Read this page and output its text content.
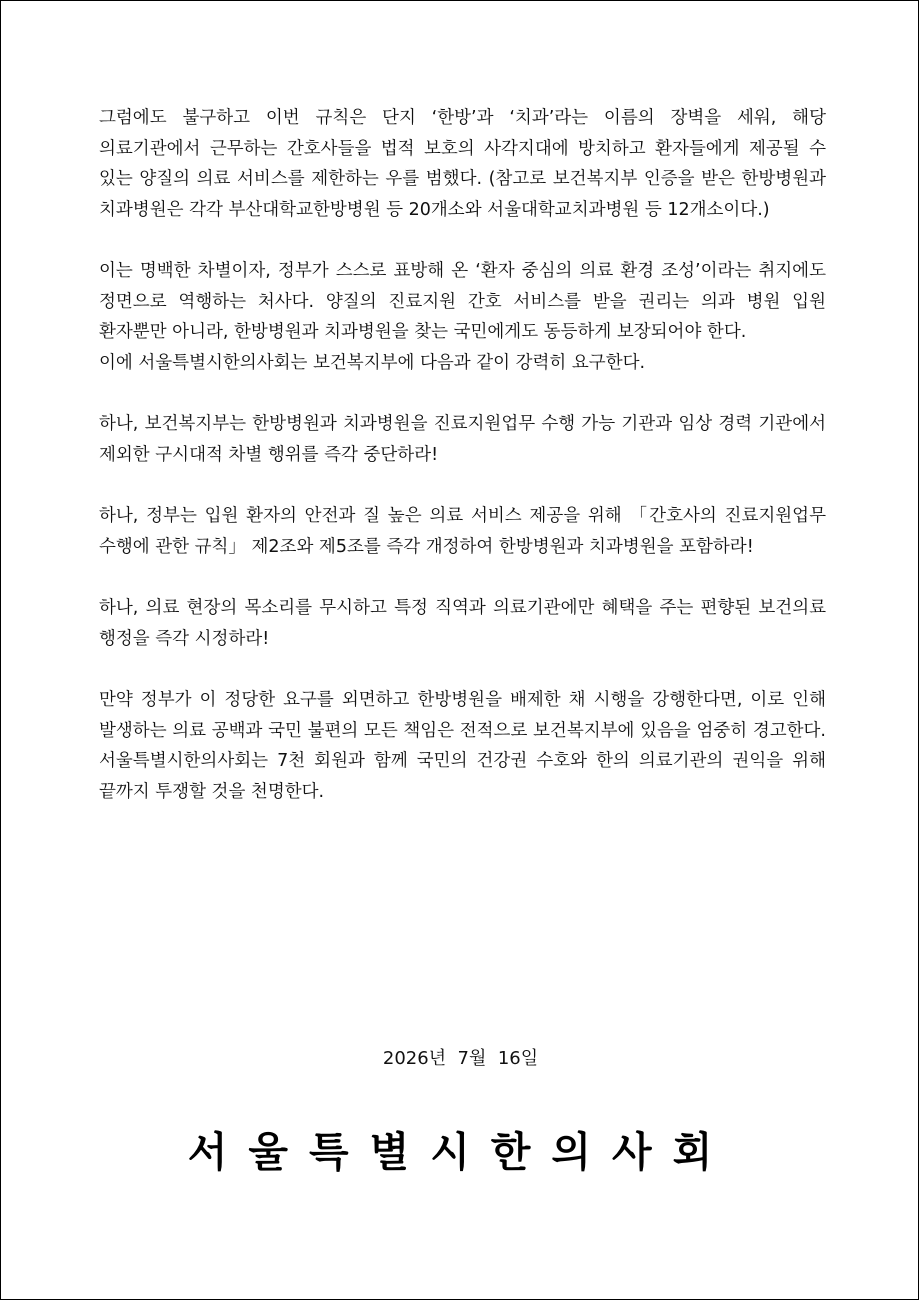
그럼에도 불구하고 이번 규칙은 단지 ‘한방’과 ‘치과’라는 이름의 장벽을 세워, 해당 의료기관에서 근무하는 간호사들을 법적 보호의 사각지대에 방치하고 환자들에게 제공될 수 있는 양질의 의료 서비스를 제한하는 우를 범했다. (참고로 보건복지부 인증을 받은 한방병원과 치과병원은 각각 부산대학교한방병원 등 20개소와 서울대학교치과병원 등 12개소이다.)

이는 명백한 차별이자, 정부가 스스로 표방해 온 ‘환자 중심의 의료 환경 조성’이라는 취지에도 정면으로 역행하는 처사다. 양질의 진료지원 간호 서비스를 받을 권리는 의과 병원 입원 환자뿐만 아니라, 한방병원과 치과병원을 찾는 국민에게도 동등하게 보장되어야 한다.

이에 서울특별시한의사회는 보건복지부에 다음과 같이 강력히 요구한다.

하나, 보건복지부는 한방병원과 치과병원을 진료지원업무 수행 가능 기관과 임상 경력 기관에서 제외한 구시대적 차별 행위를 즉각 중단하라!

하나, 정부는 입원 환자의 안전과 질 높은 의료 서비스 제공을 위해 「간호사의 진료지원업무 수행에 관한 규칙」 제2조와 제5조를 즉각 개정하여 한방병원과 치과병원을 포함하라!

하나, 의료 현장의 목소리를 무시하고 특정 직역과 의료기관에만 혜택을 주는 편향된 보건의료 행정을 즉각 시정하라!

만약 정부가 이 정당한 요구를 외면하고 한방병원을 배제한 채 시행을 강행한다면, 이로 인해 발생하는 의료 공백과 국민 불편의 모든 책임은 전적으로 보건복지부에 있음을 엄중히 경고한다. 서울특별시한의사회는 7천 회원과 함께 국민의 건강권 수호와 한의 의료기관의 권익을 위해 끝까지 투쟁할 것을 천명한다.

2026년  7월  16일
서울특별시한의사회
